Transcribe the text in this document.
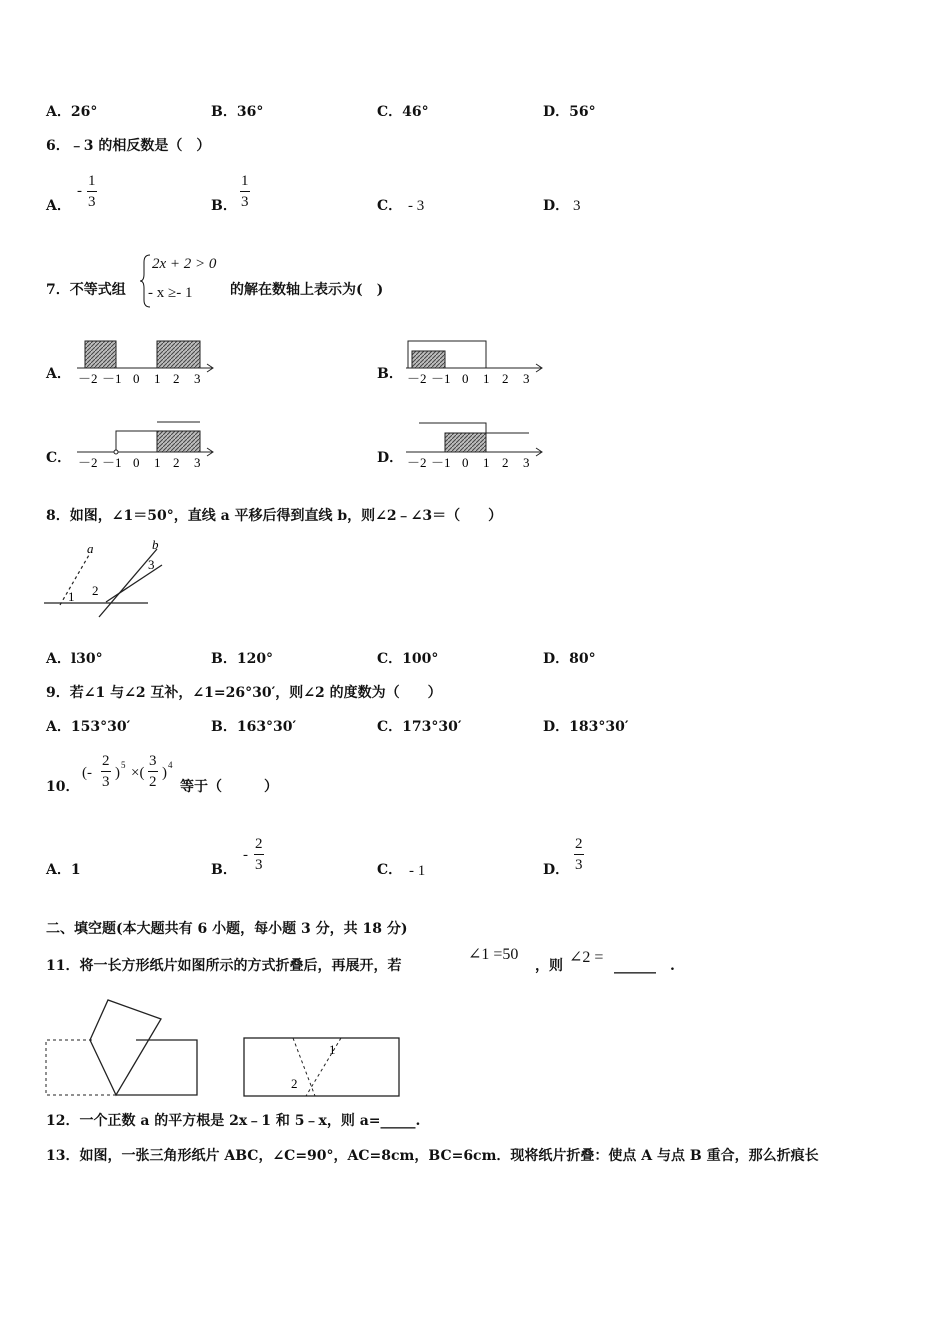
A．26°	B．36°	C．46°	D．56°
6．﹣3 的相反数是（　）
A．
- $\frac{1}{3}$	B． $\frac{1}{3}$	C． - 3	D． 3
7．不等式组
2x + 2 > 0
- x ≥- 1	的解在数轴上表示为(　)
A．	B．
C．	D．
－2 －1 0 1 2 3	－2 －1 0 1 2 3
－2 －1 0 1 2 3	－2 －1 0 1 2 3
8．如图，∠1＝50°，直线 a 平移后得到直线 b，则∠2﹣∠3＝（　　）
a	b
1 2
3
A．l30°	B．120°	C．100°	D．80°
9．若∠1 与∠2 互补，∠1=26°30′，则∠2 的度数为（　　）
A．153°30′	B．163°30′	C．173°30′	D．183°30′
10．
(- $\frac{2}{3}$ ) 5 ×( $\frac{3}{2}$ ) 4
等于（　　　）
A．1	B．
- $\frac{2}{3}$	C． - 1	D． $\frac{2}{3}$
二、填空题(本大题共有 6 小题，每小题 3 分，共 18 分)
11．将一长方形纸片如图所示的方式折叠后，再展开，若
∠1 =50
，则 ∠2 = ______ .
1
2
12．一个正数 a 的平方根是 2x﹣1 和 5﹣x，则 a=_____.
13．如图，一张三角形纸片 ABC，∠C=90°，AC=8cm，BC=6cm．现将纸片折叠：使点 A 与点 B 重合，那么折痕长
